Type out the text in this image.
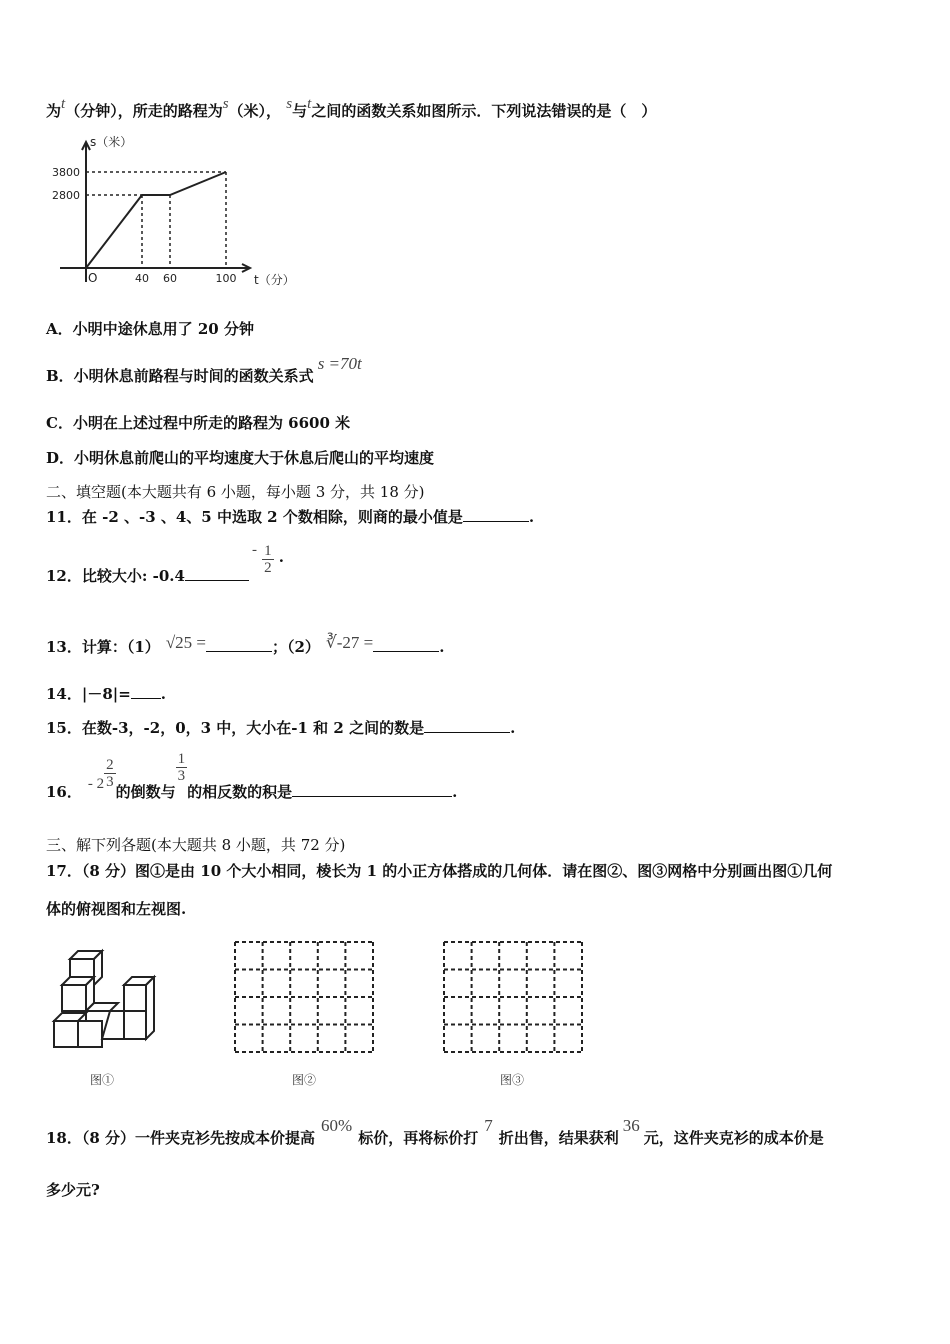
为t（分钟），所走的路程为s（米）， s与t之间的函数关系如图所示．下列说法错误的是（　）
s（米）
t（分）
O
3800
2800
40 60	100
A．小明中途休息用了 20 分钟
B．小明休息前路程与时间的函数关系式s =70t
C．小明在上述过程中所走的路程为 6600 米
D．小明休息前爬山的平均速度大于休息后爬山的平均速度
二、填空题(本大题共有 6 小题，每小题 3 分，共 18 分)
11．在 -2 、-3 、4、5 中选取 2 个数相除，则商的最小值是	.
12．比较大小: -0.4
- $\frac{1}{2}$ .
13．计算：（1） √25 =	；（2） ∛-27 =	.
14．|－8|= .
15．在数-3，-2，0，3 中，大小在-1 和 2 之间的数是	.
16． - $2 \frac{2}{3}$
的倒数与
$\frac{1}{3}$
的相反数的积是	.
三、解下列各题(本大题共 8 小题，共 72 分)
17．（8 分）图①是由 10 个大小相同，棱长为 1 的小正方体搭成的几何体．请在图②、图③网格中分别画出图①几何
体的俯视图和左视图.
图①	图②	图③
18．（8 分）一件夹克衫先按成本价提高60%标价，再将标价打7折出售，结果获利36元，这件夹克衫的成本价是
多少元?
